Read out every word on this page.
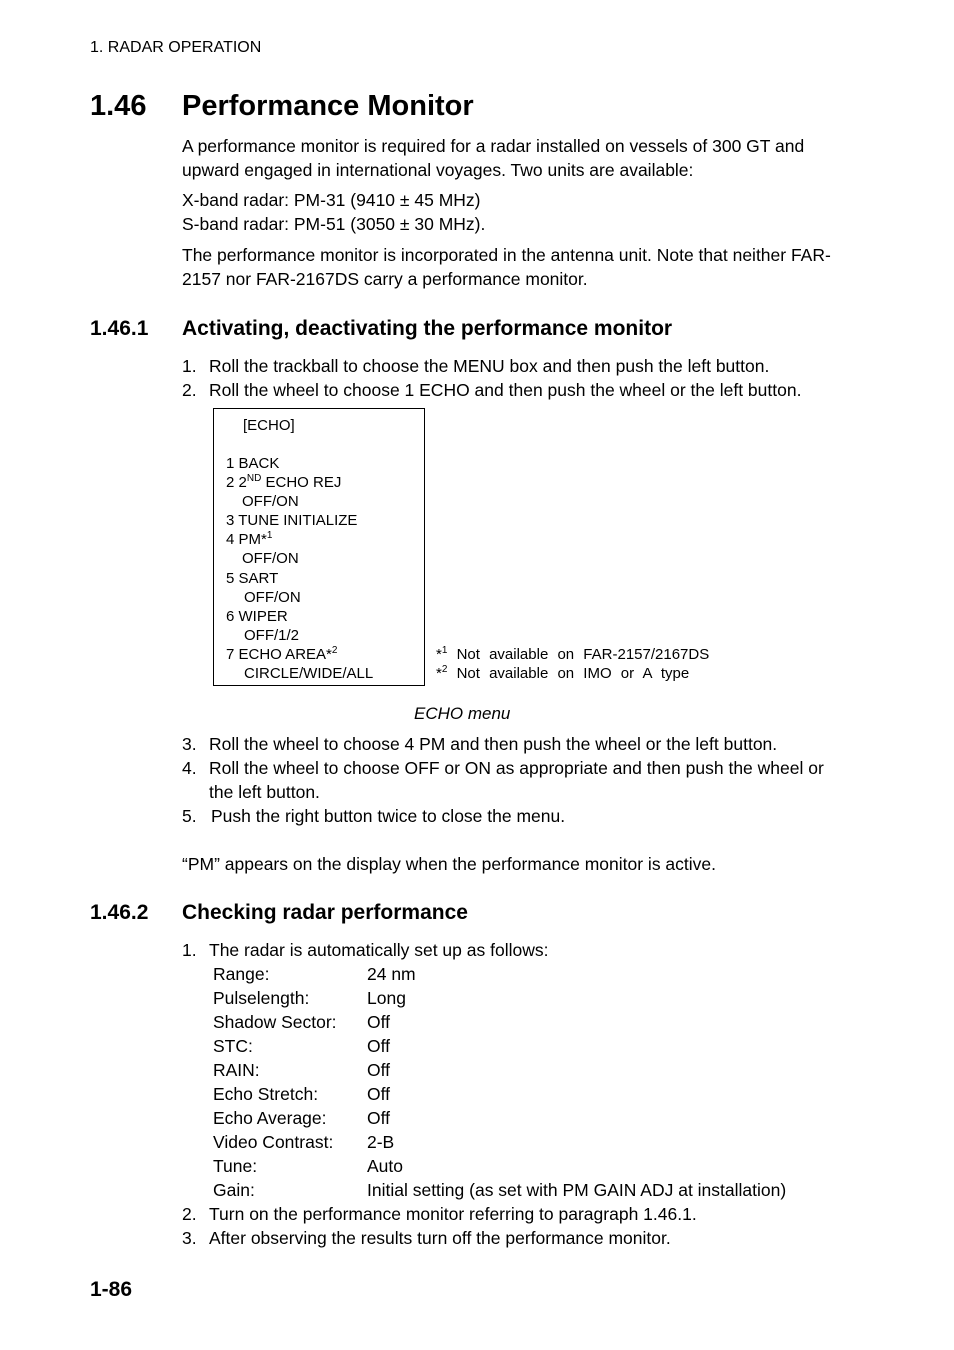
1. RADAR OPERATION
1.46 Performance Monitor
A performance monitor is required for a radar installed on vessels of 300 GT and upward engaged in international voyages. Two units are available:
X-band radar: PM-31 (9410 ± 45 MHz)
S-band radar: PM-51 (3050 ± 30 MHz).
The performance monitor is incorporated in the antenna unit. Note that neither FAR-2157 nor FAR-2167DS carry a performance monitor.
1.46.1 Activating, deactivating the performance monitor
1. Roll the trackball to choose the MENU box and then push the left button.
2. Roll the wheel to choose 1 ECHO and then push the wheel or the left button.
[ECHO]
1 BACK
2 2ND ECHO REJ
OFF/ON
3 TUNE INITIALIZE
4 PM*$^1$
OFF/ON
5 SART
OFF/ON
6 WIPER
OFF/1/2
7 ECHO AREA*$^2$
CIRCLE/WIDE/ALL
*$^1$ Not available on FAR-2157/2167DS
*$^2$ Not available on IMO or A type
ECHO menu
3. Roll the wheel to choose 4 PM and then push the wheel or the left button.
4. Roll the wheel to choose OFF or ON as appropriate and then push the wheel or the left button.
5. Push the right button twice to close the menu.
“PM” appears on the display when the performance monitor is active.
1.46.2 Checking radar performance
1. The radar is automatically set up as follows:
Range:	24 nm
Pulselength:	Long
Shadow Sector: Off
STC:	Off
RAIN:	Off
Echo Stretch:	Off
Echo Average: Off
Video Contrast: 2-B
Tune:	Auto
Gain:	Initial setting (as set with PM GAIN ADJ at installation)
2. Turn on the performance monitor referring to paragraph 1.46.1.
3. After observing the results turn off the performance monitor.
1-86
